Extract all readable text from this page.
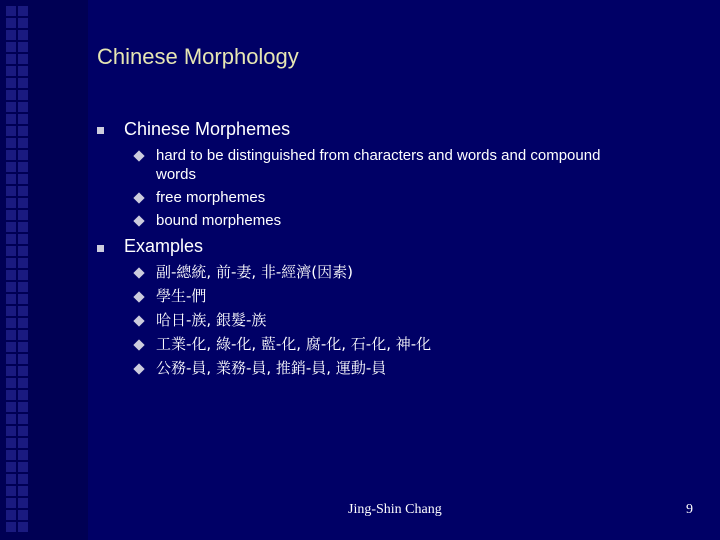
Chinese Morphology
Chinese Morphemes
hard to be distinguished from characters and words and compound
words
free morphemes
bound morphemes
Examples
副-總統, 前-妻, 非-經濟(因素)
學生-們
哈日-族, 銀髮-族
工業-化, 綠-化, 藍-化, 腐-化, 石-化, 神-化
公務-員, 業務-員, 推銷-員, 運動-員
Jing-Shin Chang	9
